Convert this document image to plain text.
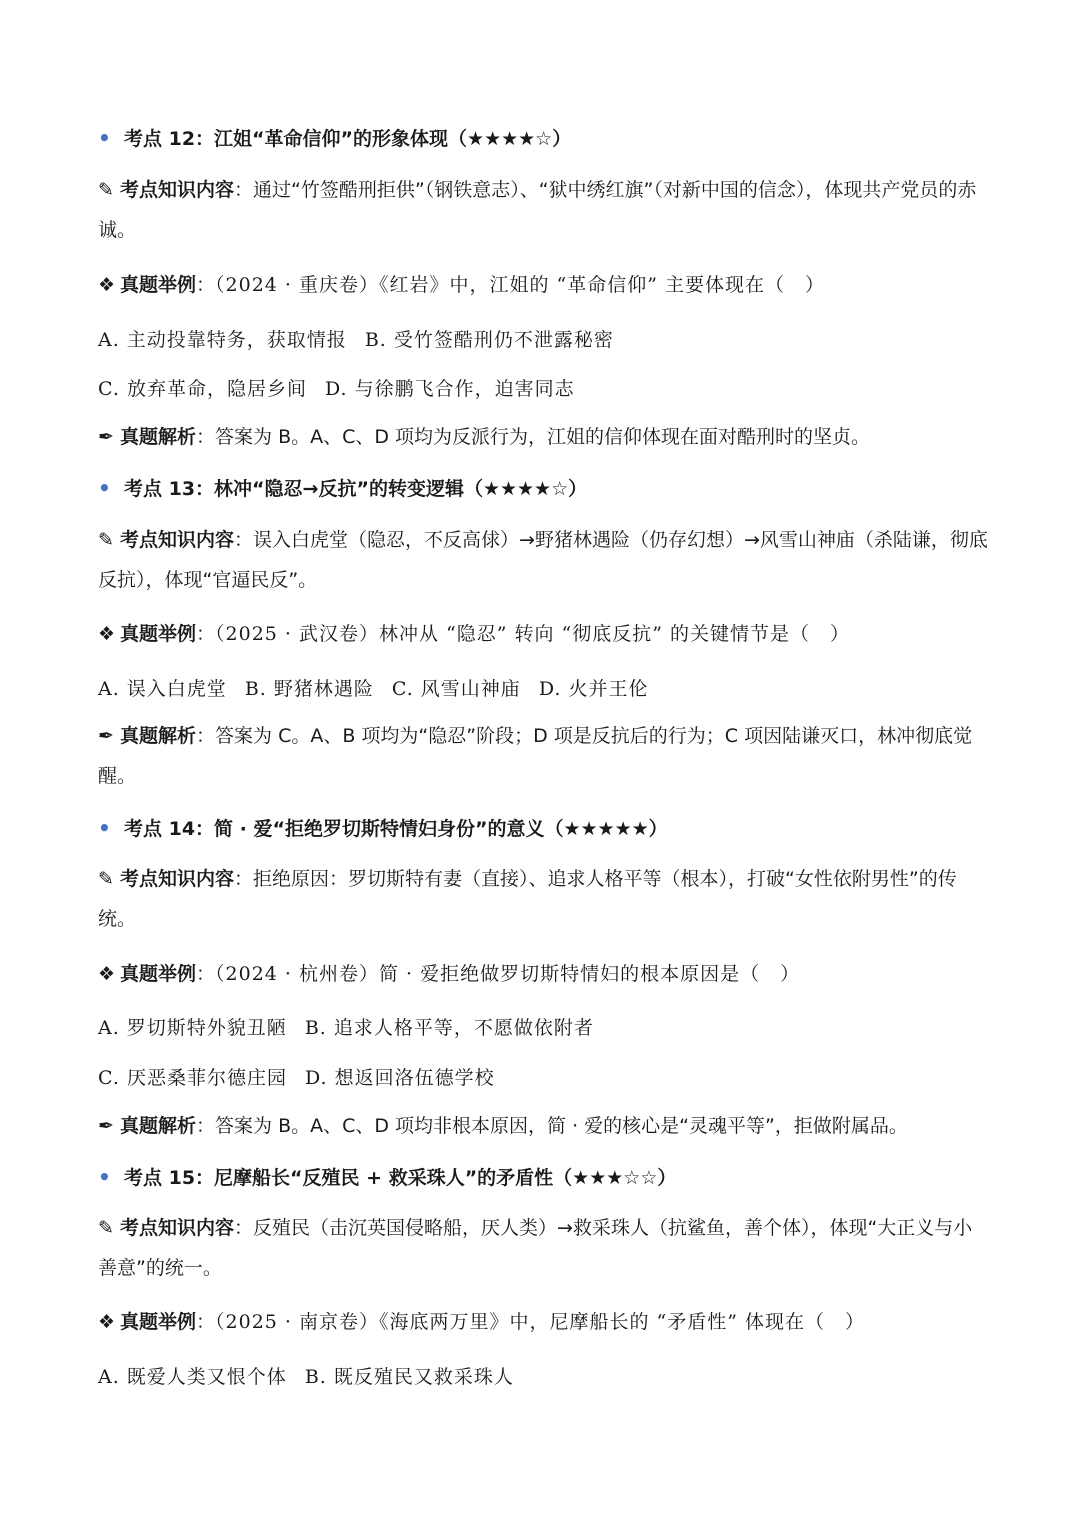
• 考点 12：江姐“革命信仰”的形象体现（★★★★☆）
✎ 考点知识内容：通过“竹签酷刑拒供”（钢铁意志）、“狱中绣红旗”（对新中国的信念），体现共产党员的赤诚。
❖ 真题举例：（2024 · 重庆卷）《红岩》中，江姐的 “革命信仰” 主要体现在（　）
A. 主动投靠特务，获取情报 B. 受竹签酷刑仍不泄露秘密
C. 放弃革命，隐居乡间 D. 与徐鹏飞合作，迫害同志
✒ 真题解析：答案为 B。A、C、D 项均为反派行为，江姐的信仰体现在面对酷刑时的坚贞。
• 考点 13：林冲“隐忍→反抗”的转变逻辑（★★★★☆）
✎ 考点知识内容：误入白虎堂（隐忍，不反高俅）→野猪林遇险（仍存幻想）→风雪山神庙（杀陆谦，彻底反抗），体现“官逼民反”。
❖ 真题举例：（2025 · 武汉卷）林冲从 “隐忍” 转向 “彻底反抗” 的关键情节是（　）
A. 误入白虎堂 B. 野猪林遇险 C. 风雪山神庙 D. 火并王伦
✒ 真题解析：答案为 C。A、B 项均为“隐忍”阶段；D 项是反抗后的行为；C 项因陆谦灭口，林冲彻底觉醒。
• 考点 14：简 · 爱“拒绝罗切斯特情妇身份”的意义（★★★★★）
✎ 考点知识内容：拒绝原因：罗切斯特有妻（直接）、追求人格平等（根本），打破“女性依附男性”的传统。
❖ 真题举例：（2024 · 杭州卷）简 · 爱拒绝做罗切斯特情妇的根本原因是（　）
A. 罗切斯特外貌丑陋 B. 追求人格平等，不愿做依附者
C. 厌恶桑菲尔德庄园 D. 想返回洛伍德学校
✒ 真题解析：答案为 B。A、C、D 项均非根本原因，简 · 爱的核心是“灵魂平等”，拒做附属品。
• 考点 15：尼摩船长“反殖民 + 救采珠人”的矛盾性（★★★☆☆）
✎ 考点知识内容：反殖民（击沉英国侵略船，厌人类）→救采珠人（抗鲨鱼，善个体），体现“大正义与小善意”的统一。
❖ 真题举例：（2025 · 南京卷）《海底两万里》中，尼摩船长的 “矛盾性” 体现在（　）
A. 既爱人类又恨个体 B. 既反殖民又救采珠人
